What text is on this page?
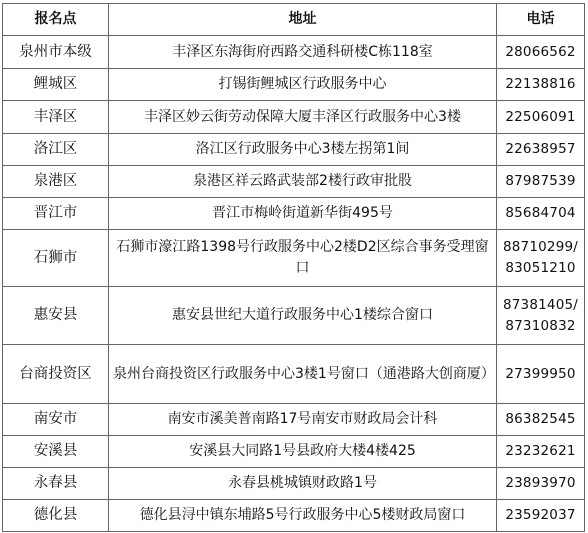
报名点	地址	电话
泉州市本级	丰泽区东海街府西路交通科研楼C栋118室	28066562
鲤城区	打锡街鲤城区行政服务中心	22138816
丰泽区	丰泽区妙云街劳动保障大厦丰泽区行政服务中心3楼	22506091
洛江区	洛江区行政服务中心3楼左拐第1间	22638957
泉港区	泉港区祥云路武装部2楼行政审批股	87987539
晋江市	晋江市梅岭街道新华街495号	85684704
石狮市	石狮市濠江路1398号行政服务中心2楼D2区综合事务受理窗口	88710299/83051210
惠安县	惠安县世纪大道行政服务中心1楼综合窗口	87381405/87310832
台商投资区	泉州台商投资区行政服务中心3楼1号窗口（通港路大创商厦）	27399950
南安市	南安市溪美普南路17号南安市财政局会计科	86382545
安溪县	安溪县大同路1号县政府大楼4楼425	23232621
永春县	永春县桃城镇财政路1号	23893970
德化县	德化县浔中镇东埔路5号行政服务中心5楼财政局窗口	23592037
